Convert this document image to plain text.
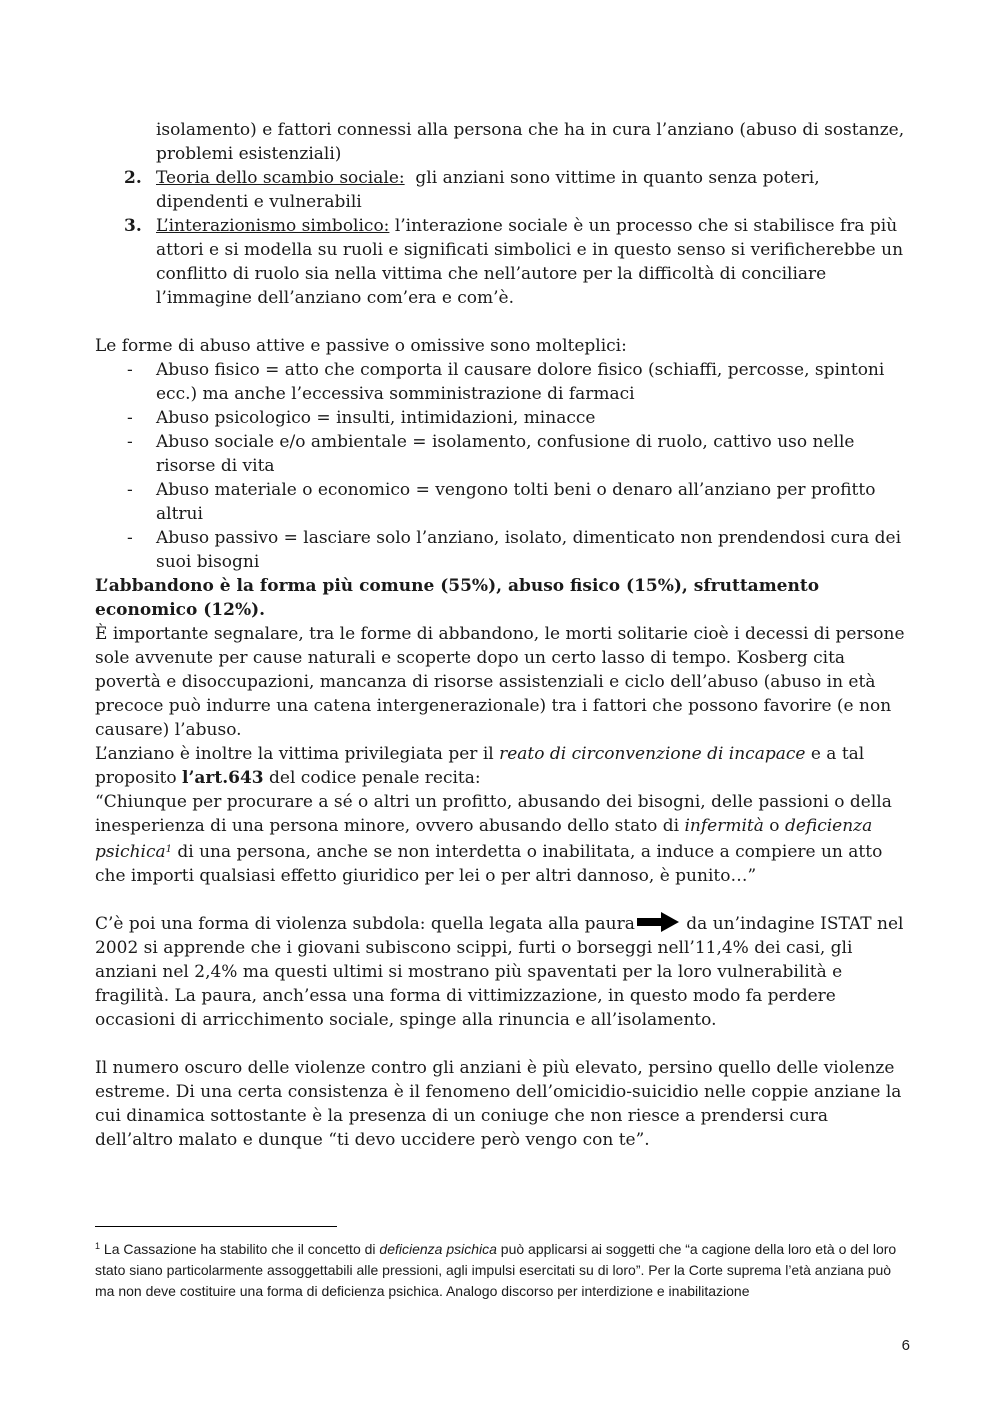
isolamento) e fattori connessi alla persona che ha in cura l’anziano (abuso di sostanze, problemi esistenziali)
2. Teoria dello scambio sociale:  gli anziani sono vittime in quanto senza poteri, dipendenti e vulnerabili
3. L’interazionismo simbolico: l’interazione sociale è un processo che si stabilisce fra più attori e si modella su ruoli e significati simbolici e in questo senso si verificherebbe un conflitto di ruolo sia nella vittima che nell’autore per la difficoltà di conciliare l’immagine dell’anziano com’era e com’è.

Le forme di abuso attive e passive o omissive sono molteplici:

- Abuso fisico = atto che comporta il causare dolore fisico (schiaffi, percosse, spintoni ecc.) ma anche l’eccessiva somministrazione di farmaci
- Abuso psicologico = insulti, intimidazioni, minacce
- Abuso sociale e/o ambientale = isolamento, confusione di ruolo, cattivo uso nelle risorse di vita
- Abuso materiale o economico = vengono tolti beni o denaro all’anziano per profitto altrui
- Abuso passivo = lasciare solo l’anziano, isolato, dimenticato non prendendosi cura dei suoi bisogni

L’abbandono è la forma più comune (55%), abuso fisico (15%), sfruttamento economico (12%).

È importante segnalare, tra le forme di abbandono, le morti solitarie cioè i decessi di persone sole avvenute per cause naturali e scoperte dopo un certo lasso di tempo. Kosberg cita povertà e disoccupazioni, mancanza di risorse assistenziali e ciclo dell’abuso (abuso in età precoce può indurre una catena intergenerazionale) tra i fattori che possono favorire (e non causare) l’abuso.

L’anziano è inoltre la vittima privilegiata per il reato di circonvenzione di incapace e a tal proposito l’art.643 del codice penale recita:

“Chiunque per procurare a sé o altri un profitto, abusando dei bisogni, delle passioni o della inesperienza di una persona minore, ovvero abusando dello stato di infermità o deficienza psichica$^1$ di una persona, anche se non interdetta o inabilitata, a induce a compiere un atto che importi qualsiasi effetto giuridico per lei o per altri dannoso, è punito…”

C’è poi una forma di violenza subdola: quella legata alla paura	da un’indagine ISTAT nel 2002 si apprende che i giovani subiscono scippi, furti o borseggi nell’11,4% dei casi, gli anziani nel 2,4% ma questi ultimi si mostrano più spaventati per la loro vulnerabilità e fragilità. La paura, anch’essa una forma di vittimizzazione, in questo modo fa perdere occasioni di arricchimento sociale, spinge alla rinuncia e all’isolamento.

Il numero oscuro delle violenze contro gli anziani è più elevato, persino quello delle violenze estreme. Di una certa consistenza è il fenomeno dell’omicidio-suicidio nelle coppie anziane la cui dinamica sottostante è la presenza di un coniuge che non riesce a prendersi cura dell’altro malato e dunque “ti devo uccidere però vengo con te”.

$^1$ La Cassazione ha stabilito che il concetto di deficienza psichica può applicarsi ai soggetti che “a cagione della loro età o del loro stato siano particolarmente assoggettabili alle pressioni, agli impulsi esercitati su di loro”. Per la Corte suprema l’età anziana può ma non deve costituire una forma di deficienza psichica. Analogo discorso per interdizione e inabilitazione
6
